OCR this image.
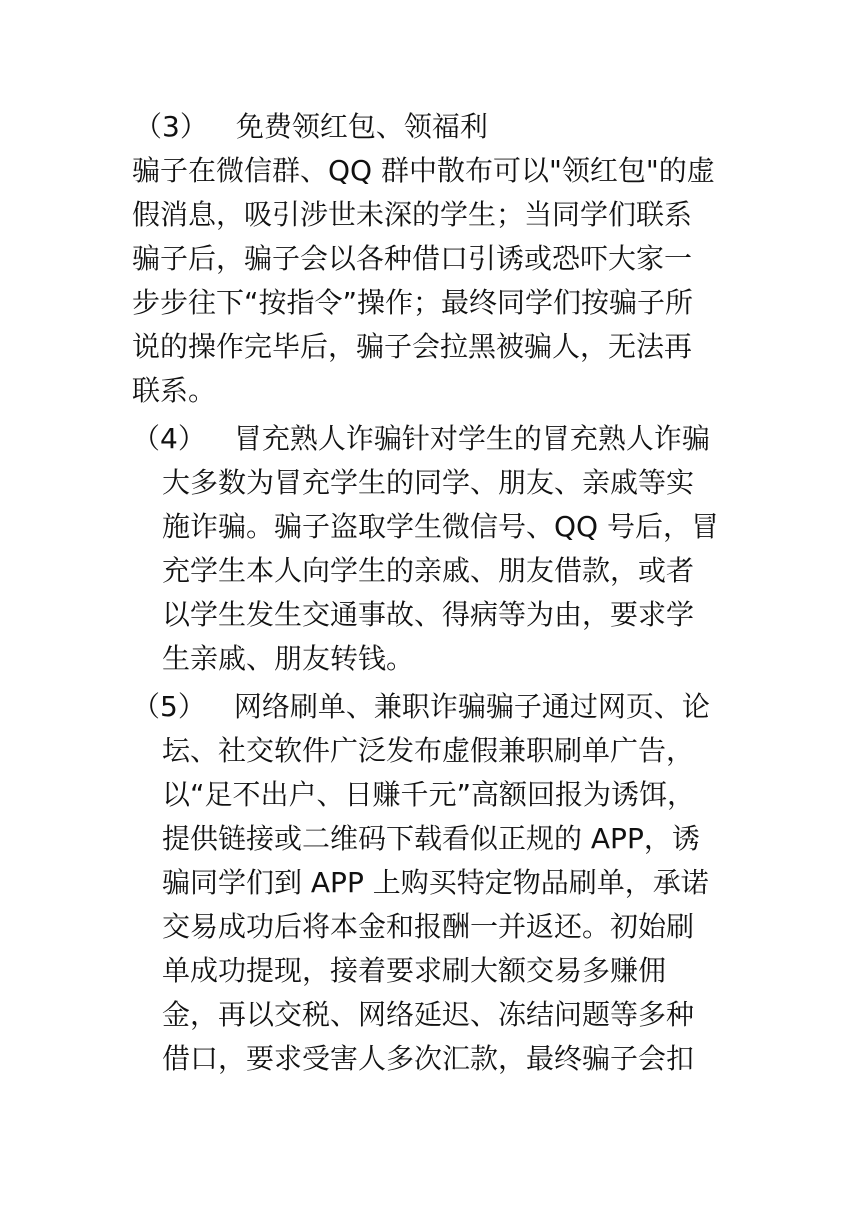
（3） 免费领红包、领福利
骗子在微信群、QQ 群中散布可以"领红包"的虚
假消息，吸引涉世未深的学生；当同学们联系
骗子后，骗子会以各种借口引诱或恐吓大家一
步步往下“按指令”操作；最终同学们按骗子所
说的操作完毕后，骗子会拉黑被骗人，无法再
联系。
（4） 冒充熟人诈骗针对学生的冒充熟人诈骗
大多数为冒充学生的同学、朋友、亲戚等实
施诈骗。骗子盗取学生微信号、QQ 号后，冒
充学生本人向学生的亲戚、朋友借款，或者
以学生发生交通事故、得病等为由，要求学
生亲戚、朋友转钱。
（5） 网络刷单、兼职诈骗骗子通过网页、论
坛、社交软件广泛发布虚假兼职刷单广告，
以“足不出户、日赚千元”高额回报为诱饵，
提供链接或二维码下载看似正规的 APP，诱
骗同学们到 APP 上购买特定物品刷单，承诺
交易成功后将本金和报酬一并返还。初始刷
单成功提现，接着要求刷大额交易多赚佣
金，再以交税、网络延迟、冻结问题等多种
借口，要求受害人多次汇款，最终骗子会扣
